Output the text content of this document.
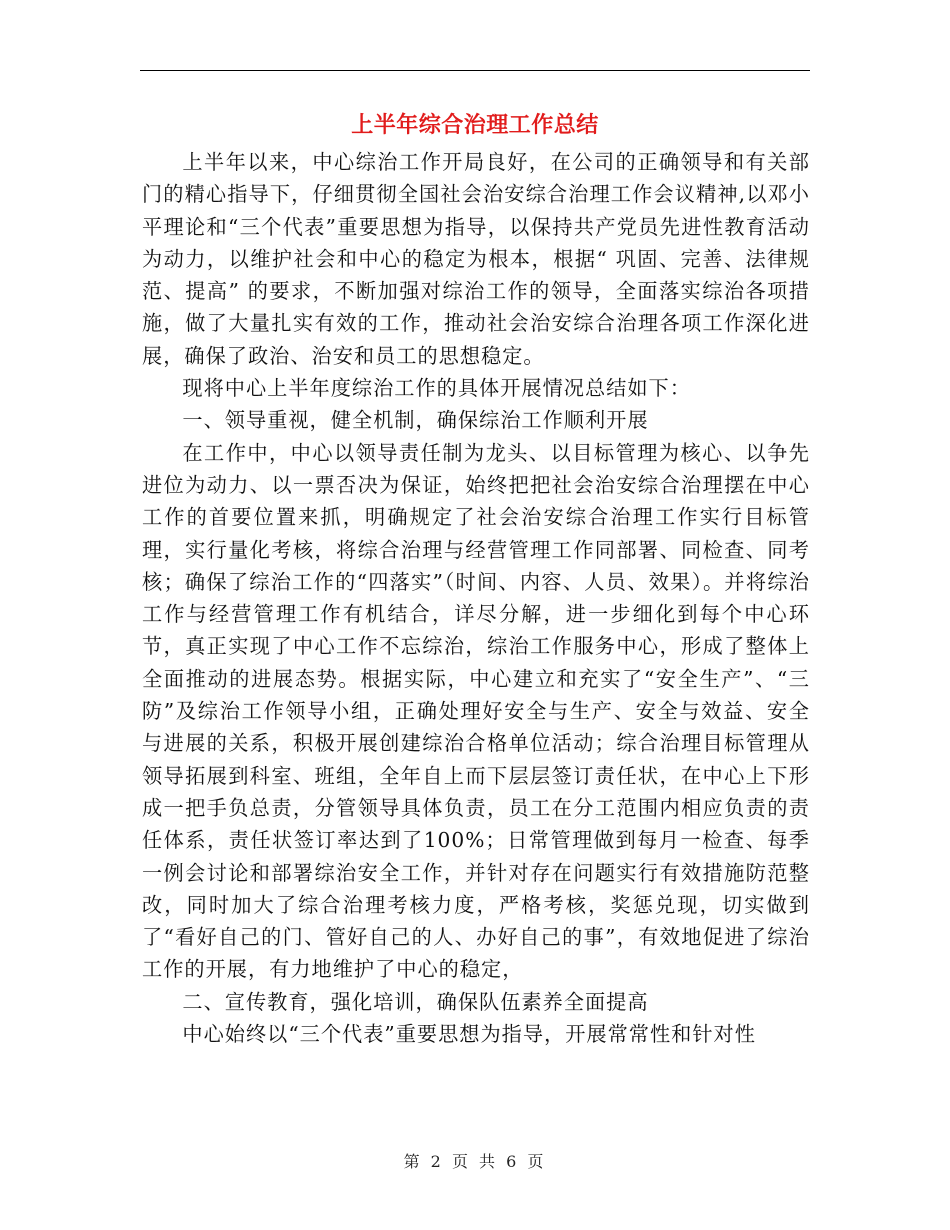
上半年综合治理工作总结

上半年以来，中心综治工作开局良好，在公司的正确领导和有关部门的精心指导下，仔细贯彻全国社会治安综合治理工作会议精神,以邓小平理论和“三个代表”重要思想为指导，以保持共产党员先进性教育活动为动力，以维护社会和中心的稳定为根本，根据“ 巩固、完善、法律规范、提高” 的要求，不断加强对综治工作的领导，全面落实综治各项措施，做了大量扎实有效的工作，推动社会治安综合治理各项工作深化进展，确保了政治、治安和员工的思想稳定。

现将中心上半年度综治工作的具体开展情况总结如下：

一、领导重视，健全机制，确保综治工作顺利开展

在工作中，中心以领导责任制为龙头、以目标管理为核心、以争先进位为动力、以一票否决为保证，始终把把社会治安综合治理摆在中心工作的首要位置来抓，明确规定了社会治安综合治理工作实行目标管理，实行量化考核，将综合治理与经营管理工作同部署、同检查、同考核；确保了综治工作的“四落实”（时间、内容、人员、效果）。并将综治工作与经营管理工作有机结合，详尽分解，进一步细化到每个中心环节，真正实现了中心工作不忘综治，综治工作服务中心，形成了整体上全面推动的进展态势。根据实际，中心建立和充实了“安全生产”、“三防”及综治工作领导小组，正确处理好安全与生产、安全与效益、安全与进展的关系，积极开展创建综治合格单位活动；综合治理目标管理从领导拓展到科室、班组，全年自上而下层层签订责任状，在中心上下形成一把手负总责，分管领导具体负责，员工在分工范围内相应负责的责任体系，责任状签订率达到了100%；日常管理做到每月一检查、每季一例会讨论和部署综治安全工作，并针对存在问题实行有效措施防范整改，同时加大了综合治理考核力度，严格考核，奖惩兑现，切实做到了“看好自己的门、管好自己的人、办好自己的事”，有效地促进了综治工作的开展，有力地维护了中心的稳定，

二、宣传教育，强化培训，确保队伍素养全面提高

中心始终以“三个代表”重要思想为指导，开展常常性和针对性

第 2 页 共 6 页
